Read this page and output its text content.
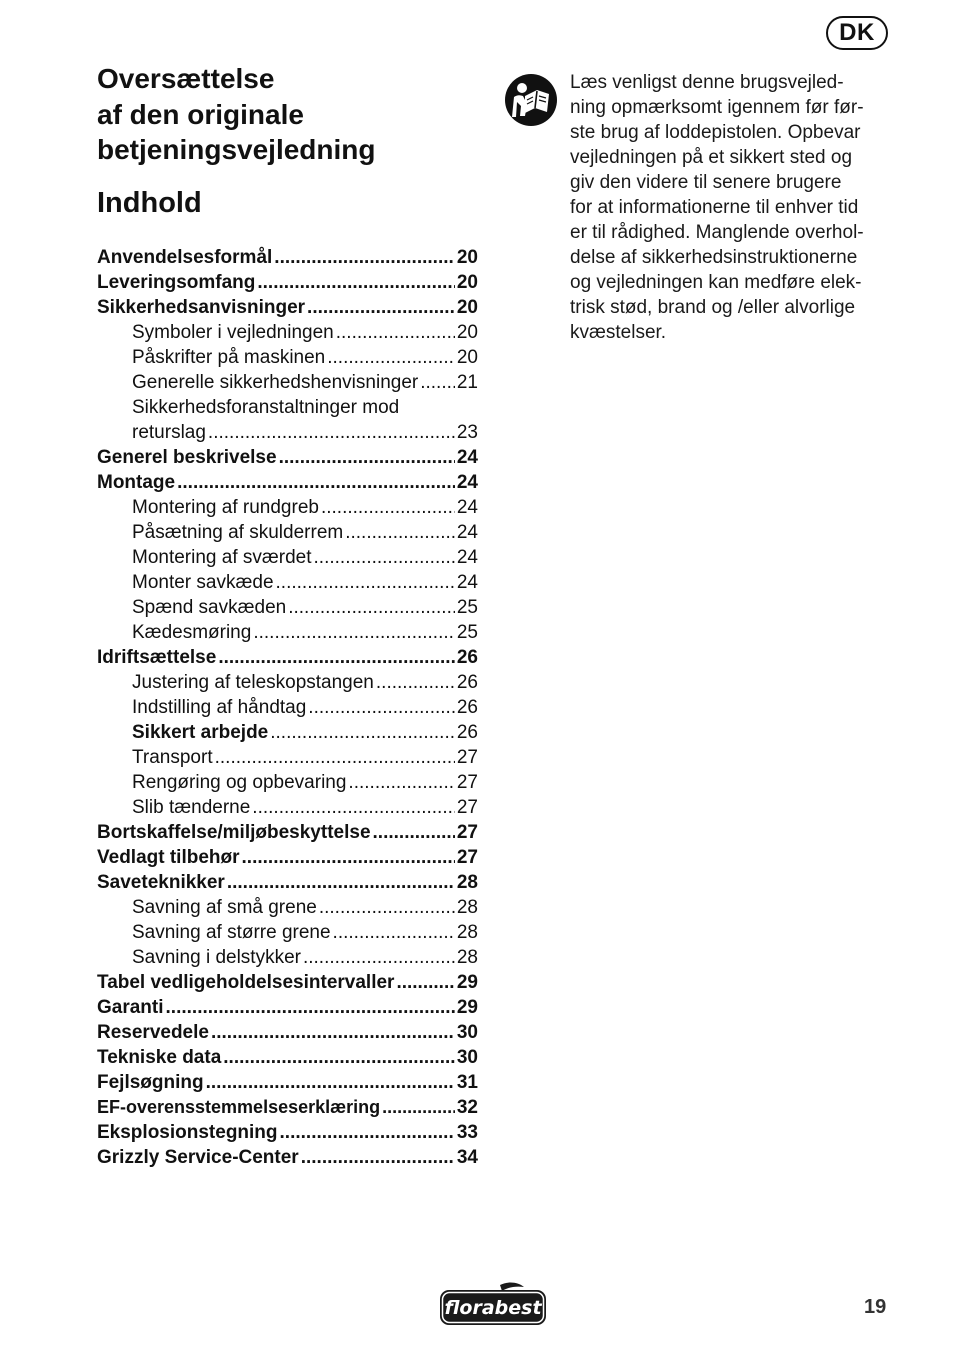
DK
Oversættelse
af den originale
betjeningsvejledning
Indhold
Anvendelsesformål .....	20
Leveringsomfang .....	20
Sikkerhedsanvisninger .....	20
Symboler i vejledningen .....	20
Påskrifter på maskinen .....	20
Generelle sikkerhedshenvisninger ..... 21
Sikkerhedsforanstaltninger mod
returslag .....	23
Generel beskrivelse .....	24
Montage .....	24
Montering af rundgreb .....	24
Påsætning af skulderrem .....	24
Montering af sværdet .....	24
Monter savkæde .....	24
Spænd savkæden .....	25
Kædesmøring .....	25
Idriftsættelse .....	26
Justering af teleskopstangen .....	26
Indstilling af håndtag .....	26
Sikkert arbejde .....	26
Transport .....	27
Rengøring og opbevaring .....	27
Slib tænderne .....	27
Bortskaffelse/miljøbeskyttelse .....	27
Vedlagt tilbehør .....	27
Saveteknikker .....	28
Savning af små grene .....	28
Savning af større grene .....	28
Savning i delstykker .....	28
Tabel vedligeholdelsesintervaller .....	29
Garanti .....	29
Reservedele .....	30
Tekniske data .....	30
Fejlsøgning .....	31
EF-overensstemmelseserklæring .....	32
Eksplosionstegning .....	33
Grizzly Service-Center .....	34

Læs venligst denne brugsvejled-
ning opmærksomt igennem før før-
ste brug af loddepistolen. Opbevar
vejledningen på et sikkert sted og
giv den videre til senere brugere
for at informationerne til enhver tid
er til rådighed. Manglende overhol-
delse af sikkerhedsinstruktionerne
og vejledningen kan medføre elek-
trisk stød, brand og /eller alvorlige
kvæstelser.

florabest	19
